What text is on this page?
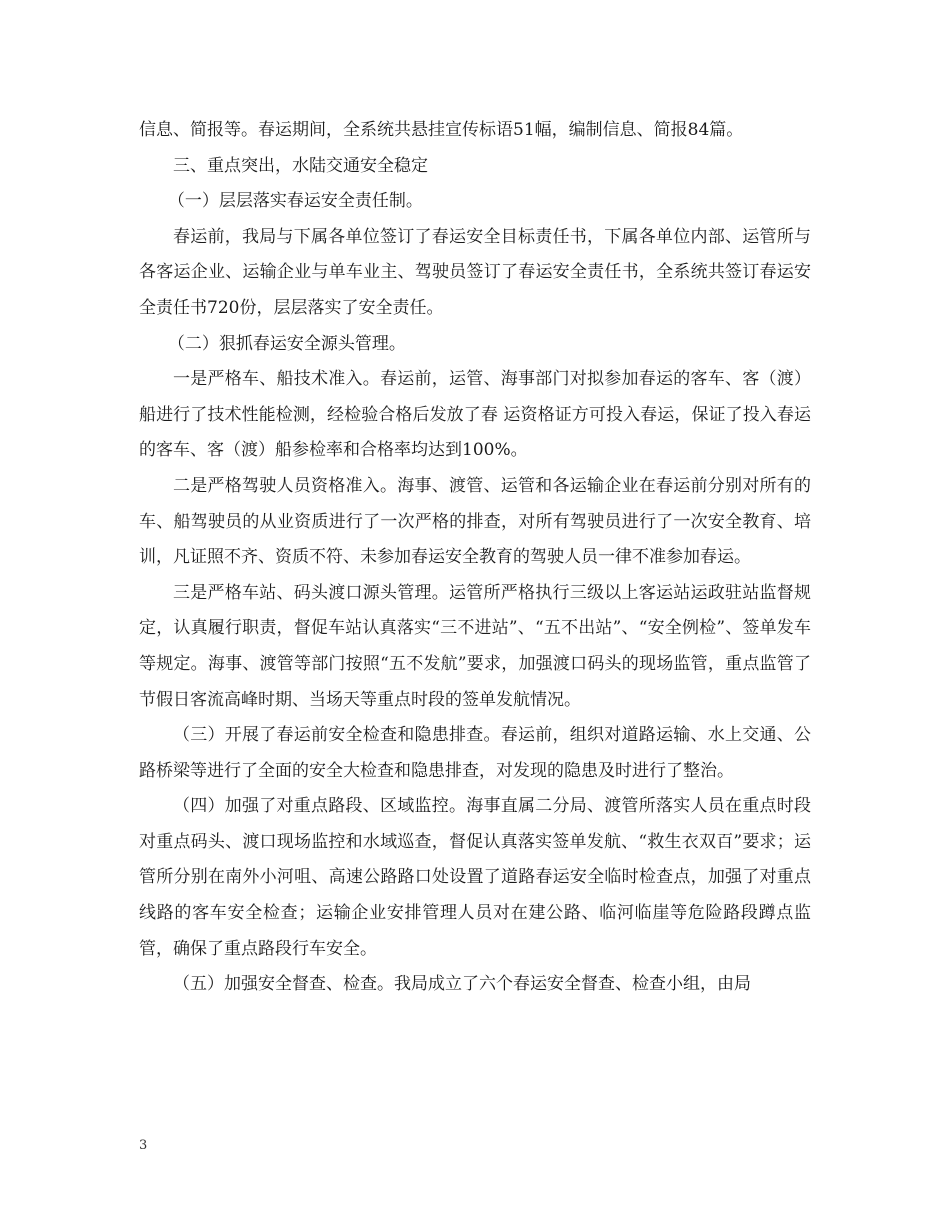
信息、简报等。春运期间，全系统共悬挂宣传标语51幅，编制信息、简报84篇。

三、重点突出，水陆交通安全稳定

（一）层层落实春运安全责任制。

春运前，我局与下属各单位签订了春运安全目标责任书，下属各单位内部、运管所与各客运企业、运输企业与单车业主、驾驶员签订了春运安全责任书，全系统共签订春运安全责任书720份，层层落实了安全责任。

（二）狠抓春运安全源头管理。

一是严格车、船技术准入。春运前，运管、海事部门对拟参加春运的客车、客（渡）船进行了技术性能检测，经检验合格后发放了春 运资格证方可投入春运，保证了投入春运的客车、客（渡）船参检率和合格率均达到100%。

二是严格驾驶人员资格准入。海事、渡管、运管和各运输企业在春运前分别对所有的车、船驾驶员的从业资质进行了一次严格的排查，对所有驾驶员进行了一次安全教育、培训，凡证照不齐、资质不符、未参加春运安全教育的驾驶人员一律不准参加春运。

三是严格车站、码头渡口源头管理。运管所严格执行三级以上客运站运政驻站监督规定，认真履行职责，督促车站认真落实“三不进站”、“五不出站”、“安全例检”、签单发车等规定。海事、渡管等部门按照“五不发航”要求，加强渡口码头的现场监管，重点监管了节假日客流高峰时期、当场天等重点时段的签单发航情况。

（三）开展了春运前安全检查和隐患排查。春运前，组织对道路运输、水上交通、公路桥梁等进行了全面的安全大检查和隐患排查，对发现的隐患及时进行了整治。

（四）加强了对重点路段、区域监控。海事直属二分局、渡管所落实人员在重点时段对重点码头、渡口现场监控和水域巡查，督促认真落实签单发航、“救生衣双百”要求；运管所分别在南外小河咀、高速公路路口处设置了道路春运安全临时检查点，加强了对重点线路的客车安全检查；运输企业安排管理人员对在建公路、临河临崖等危险路段蹲点监管，确保了重点路段行车安全。

（五）加强安全督查、检查。我局成立了六个春运安全督查、检查小组，由局

3
